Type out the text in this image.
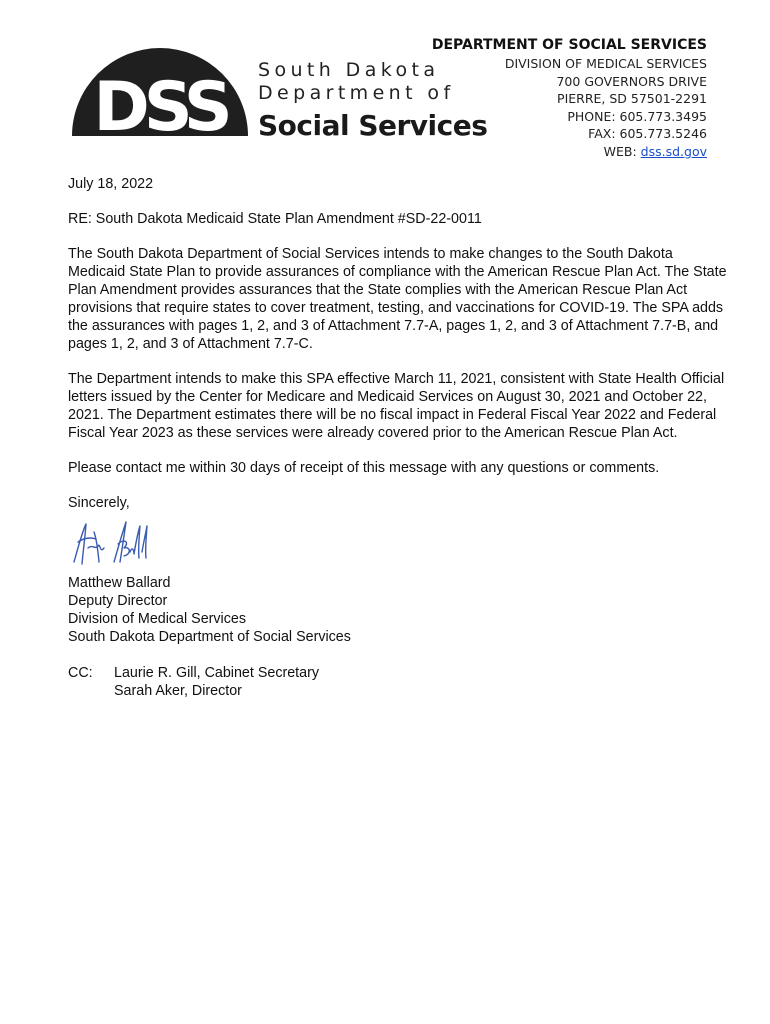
DSS South Dakota
Department of
Social Services
DEPARTMENT OF SOCIAL SERVICES
DIVISION OF MEDICAL SERVICES
700 GOVERNORS DRIVE
PIERRE, SD 57501-2291
PHONE: 605.773.3495
FAX: 605.773.5246
WEB: dss.sd.gov

July 18, 2022

RE: South Dakota Medicaid State Plan Amendment #SD-22-0011

The South Dakota Department of Social Services intends to make changes to the South Dakota Medicaid State Plan to provide assurances of compliance with the American Rescue Plan Act. The State Plan Amendment provides assurances that the State complies with the American Rescue Plan Act provisions that require states to cover treatment, testing, and vaccinations for COVID-19. The SPA adds the assurances with pages 1, 2, and 3 of Attachment 7.7-A, pages 1, 2, and 3 of Attachment 7.7-B, and pages 1, 2, and 3 of Attachment 7.7-C.

The Department intends to make this SPA effective March 11, 2021, consistent with State Health Official letters issued by the Center for Medicare and Medicaid Services on August 30, 2021 and October 22, 2021. The Department estimates there will be no fiscal impact in Federal Fiscal Year 2022 and Federal Fiscal Year 2023 as these services were already covered prior to the American Rescue Plan Act.

Please contact me within 30 days of receipt of this message with any questions or comments.

Sincerely,

Matthew Ballard

Deputy Director

Division of Medical Services

South Dakota Department of Social Services

CC:	Laurie R. Gill, Cabinet Secretary
Sarah Aker, Director
